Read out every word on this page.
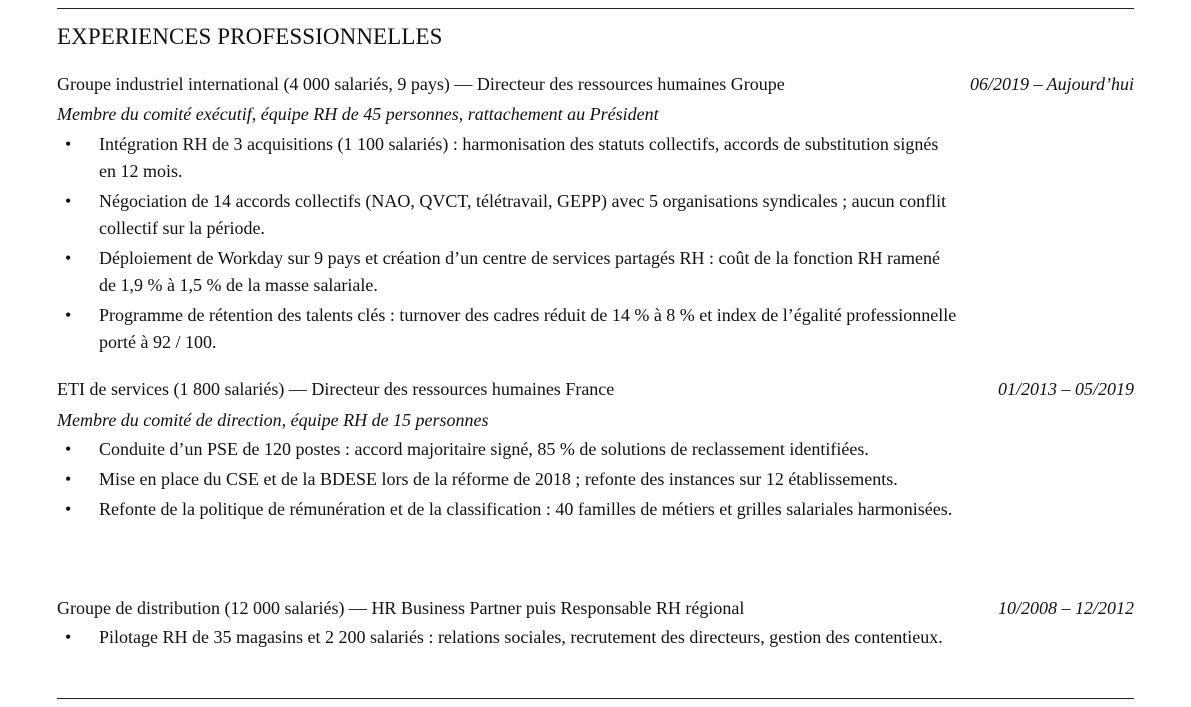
EXPERIENCES PROFESSIONNELLES
Groupe industriel international (4 000 salariés, 9 pays) — Directeur des ressources humaines Groupe	06/2019 – Aujourd’hui
Membre du comité exécutif, équipe RH de 45 personnes, rattachement au Président
• Intégration RH de 3 acquisitions (1 100 salariés) : harmonisation des statuts collectifs, accords de substitution signés en 12 mois.
• Négociation de 14 accords collectifs (NAO, QVCT, télétravail, GEPP) avec 5 organisations syndicales ; aucun conflit collectif sur la période.
• Déploiement de Workday sur 9 pays et création d’un centre de services partagés RH : coût de la fonction RH ramené de 1,9 % à 1,5 % de la masse salariale.
• Programme de rétention des talents clés : turnover des cadres réduit de 14 % à 8 % et index de l’égalité professionnelle porté à 92 / 100.
ETI de services (1 800 salariés) — Directeur des ressources humaines France	01/2013 – 05/2019
Membre du comité de direction, équipe RH de 15 personnes
• Conduite d’un PSE de 120 postes : accord majoritaire signé, 85 % de solutions de reclassement identifiées.
• Mise en place du CSE et de la BDESE lors de la réforme de 2018 ; refonte des instances sur 12 établissements.
• Refonte de la politique de rémunération et de la classification : 40 familles de métiers et grilles salariales harmonisées.
Groupe de distribution (12 000 salariés) — HR Business Partner puis Responsable RH régional	10/2008 – 12/2012
• Pilotage RH de 35 magasins et 2 200 salariés : relations sociales, recrutement des directeurs, gestion des contentieux.
